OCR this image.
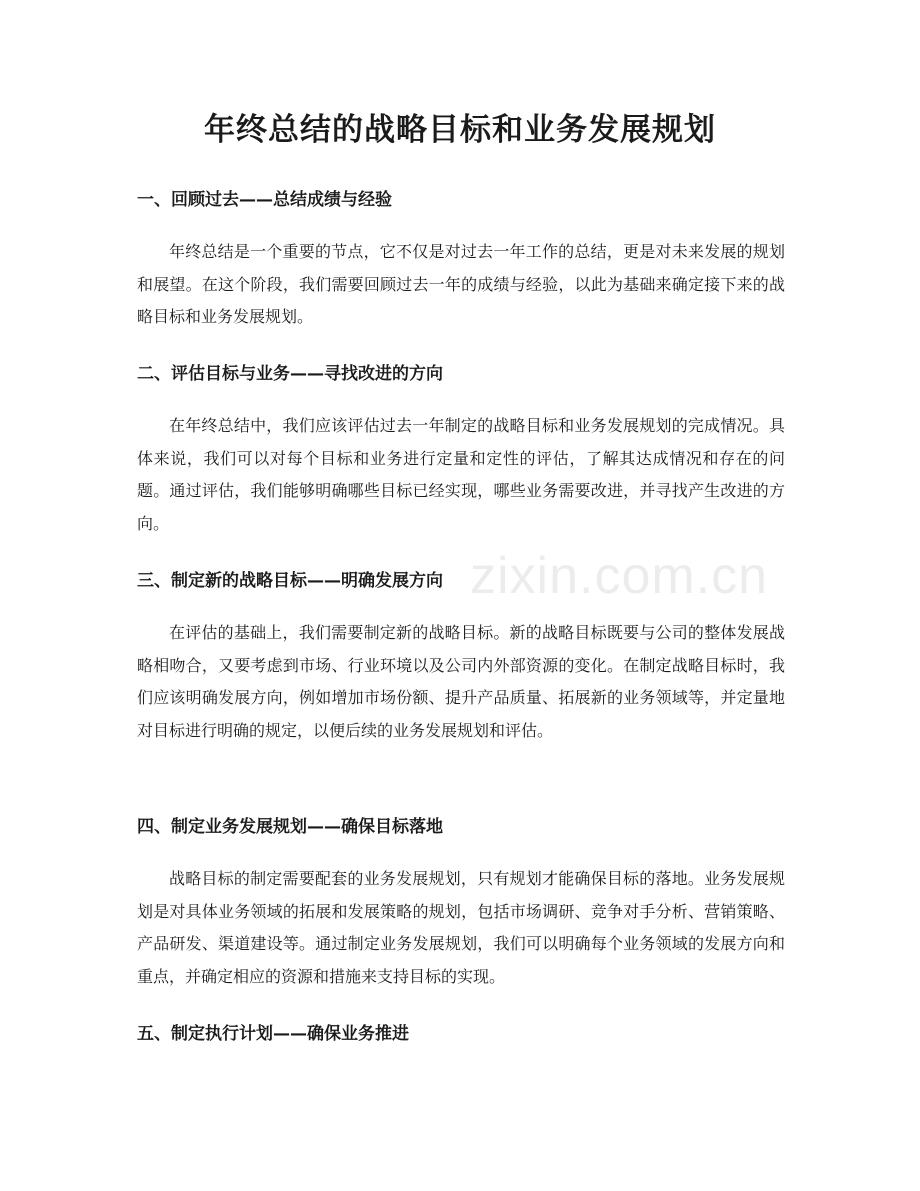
年终总结的战略目标和业务发展规划
一、回顾过去——总结成绩与经验

年终总结是一个重要的节点，它不仅是对过去一年工作的总结，更是对未来发展的规划和展望。在这个阶段，我们需要回顾过去一年的成绩与经验，以此为基础来确定接下来的战略目标和业务发展规划。

二、评估目标与业务——寻找改进的方向

在年终总结中，我们应该评估过去一年制定的战略目标和业务发展规划的完成情况。具体来说，我们可以对每个目标和业务进行定量和定性的评估，了解其达成情况和存在的问题。通过评估，我们能够明确哪些目标已经实现，哪些业务需要改进，并寻找产生改进的方向。

三、制定新的战略目标——明确发展方向

在评估的基础上，我们需要制定新的战略目标。新的战略目标既要与公司的整体发展战略相吻合，又要考虑到市场、行业环境以及公司内外部资源的变化。在制定战略目标时，我们应该明确发展方向，例如增加市场份额、提升产品质量、拓展新的业务领域等，并定量地对目标进行明确的规定，以便后续的业务发展规划和评估。

四、制定业务发展规划——确保目标落地

战略目标的制定需要配套的业务发展规划，只有规划才能确保目标的落地。业务发展规划是对具体业务领域的拓展和发展策略的规划，包括市场调研、竞争对手分析、营销策略、产品研发、渠道建设等。通过制定业务发展规划，我们可以明确每个业务领域的发展方向和重点，并确定相应的资源和措施来支持目标的实现。

五、制定执行计划——确保业务推进
zixin.com.cn
